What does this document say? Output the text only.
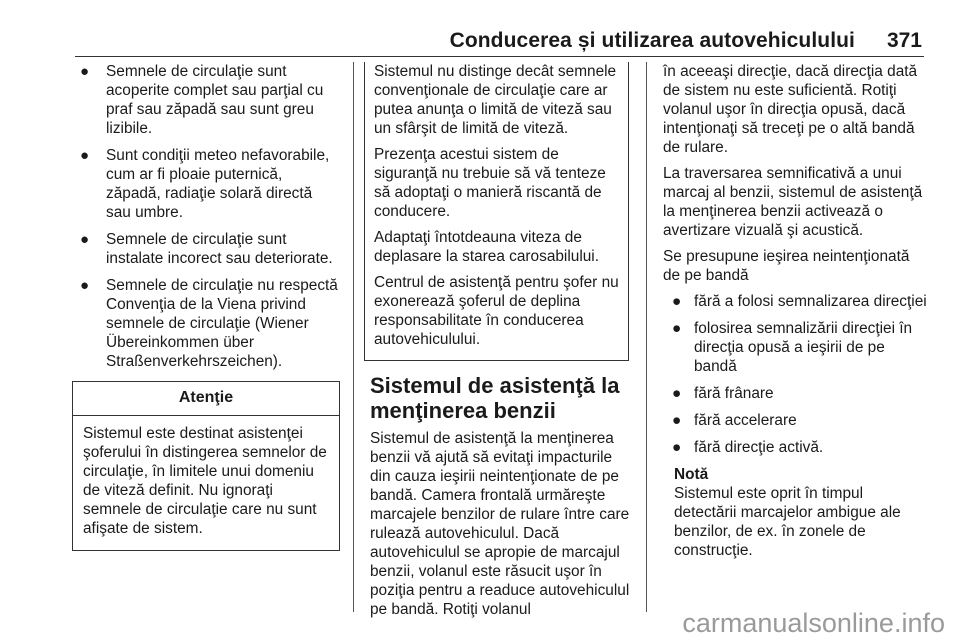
Conducerea și utilizarea autovehiculului 371
● Semnele de circulaţie sunt acoperite complet sau parţial cu praf sau zăpadă sau sunt greu lizibile.
● Sunt condiţii meteo nefavorabile, cum ar fi ploaie puternică, zăpadă, radiaţie solară directă sau umbre.
● Semnele de circulaţie sunt instalate incorect sau deteriorate.
● Semnele de circulaţie nu respectă Convenţia de la Viena privind semnele de circulaţie (Wiener Übereinkommen über Straßenverkehrszeichen).
Atenţie
Sistemul este destinat asistenţei şoferului în distingerea semnelor de circulaţie, în limitele unui domeniu de viteză definit. Nu ignoraţi semnele de circulaţie care nu sunt afişate de sistem.

Sistemul nu distinge decât semnele convenţionale de circulaţie care ar putea anunţa o limită de viteză sau un sfârşit de limită de viteză.

Prezenţa acestui sistem de siguranţă nu trebuie să vă tenteze să adoptaţi o manieră riscantă de conducere.

Adaptaţi întotdeauna viteza de deplasare la starea carosabilului.

Centrul de asistenţă pentru şofer nu exonerează şoferul de deplina responsabilitate în conducerea autovehiculului.

Sistemul de asistenţă la menţinerea benzii

Sistemul de asistenţă la menţinerea benzii vă ajută să evitaţi impacturile din cauza ieşirii neintenţionate de pe bandă. Camera frontală urmăreşte marcajele benzilor de rulare între care rulează autovehiculul. Dacă autovehiculul se apropie de marcajul benzii, volanul este răsucit uşor în poziţia pentru a readuce autovehiculul pe bandă. Rotiţi volanul

în aceeaşi direcţie, dacă direcţia dată de sistem nu este suficientă. Rotiţi volanul uşor în direcţia opusă, dacă intenţionaţi să treceţi pe o altă bandă de rulare.

La traversarea semnificativă a unui marcaj al benzii, sistemul de asistenţă la menţinerea benzii activează o avertizare vizuală şi acustică.

Se presupune ieşirea neintenţionată de pe bandă

● fără a folosi semnalizarea direcţiei
● folosirea semnalizării direcţiei în direcţia opusă a ieşirii de pe bandă
● fără frânare
● fără accelerare
● fără direcţie activă.
Notă
Sistemul este oprit în timpul detectării marcajelor ambigue ale benzilor, de ex. în zonele de construcţie.
carmanualsonline.info
